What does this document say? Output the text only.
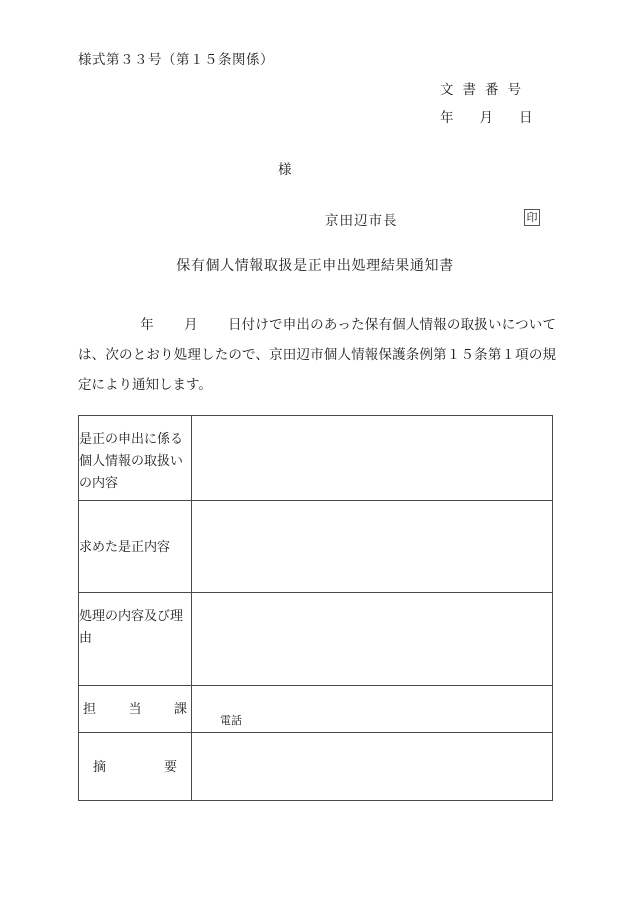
様式第３３号（第１５条関係）
文書番号
年 月 日
様
京田辺市長	印
保有個人情報取扱是正申出処理結果通知書
年 月 日付けで申出のあった保有個人情報の取扱いについては、次のとおり処理したので、京田辺市個人情報保護条例第１５条第１項の規定により通知します。
是正の申出に係る個人情報の取扱いの内容	
求めた是正内容	
処理の内容及び理由	

担 当 課	電話

摘 要	
